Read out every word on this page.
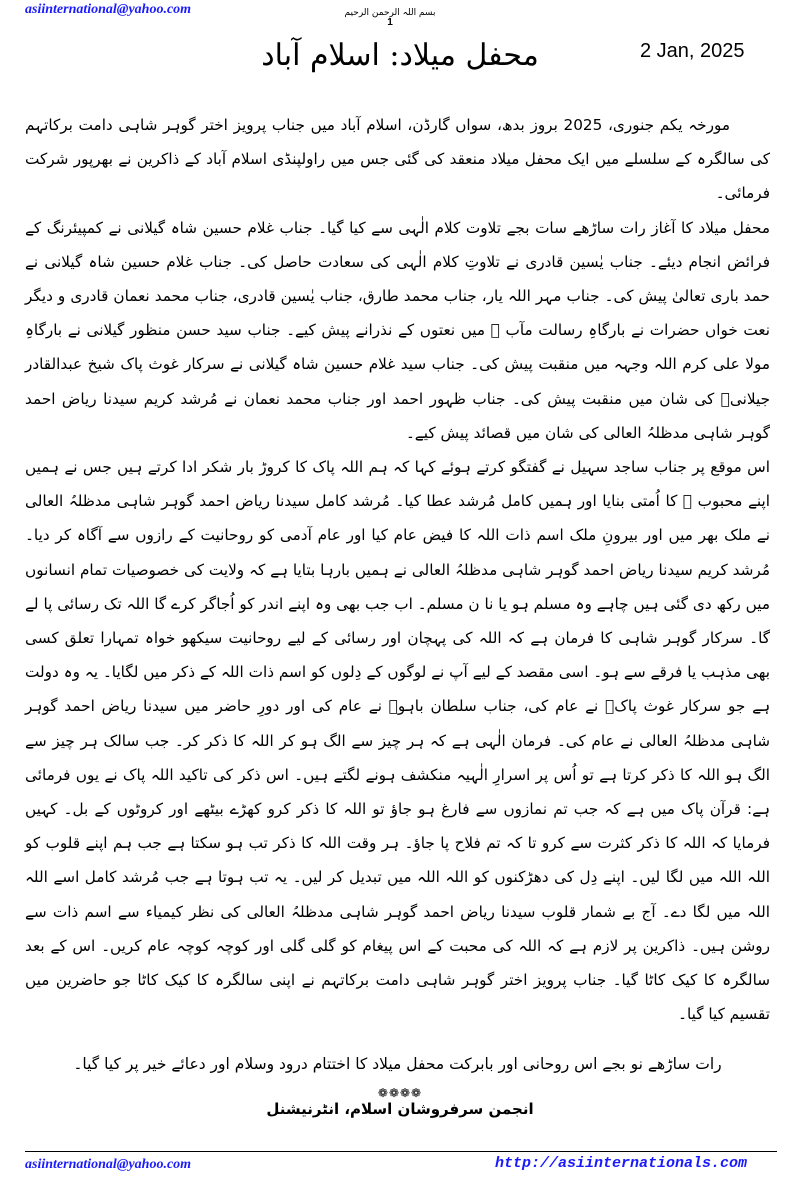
asiinternational@yahoo.com	بسم اللہ الرحمن الرحیم
1
محفل میلاد: اسلام آباد	2 Jan, 2025

مورخہ یکم جنوری، 2025 بروز بدھ، سواں گارڈن، اسلام آباد میں جناب پرویز اختر گوہر شاہی دامت برکاتہم کی سالگرہ کے سلسلے میں ایک محفل میلاد منعقد کی گئی جس میں راولپنڈی اسلام آباد کے ذاکرین نے بھرپور شرکت فرمائی۔

محفل میلاد کا آغاز رات ساڑھے سات بجے تلاوت کلام الٰہی سے کیا گیا۔ جناب غلام حسین شاہ گیلانی نے کمپیئرنگ کے فرائض انجام دیئے۔ جناب یٰسین قادری نے تلاوتِ کلام الٰہی کی سعادت حاصل کی۔ جناب غلام حسین شاہ گیلانی نے حمد باری تعالیٰ پیش کی۔ جناب مہر اللہ یار، جناب محمد طارق، جناب یٰسین قادری، جناب محمد نعمان قادری و دیگر نعت خواں حضرات نے بارگاہِ رسالت مآب ﷺ میں نعتوں کے نذرانے پیش کیے۔ جناب سید حسن منظور گیلانی نے بارگاہِ مولا علی کرم اللہ وجہہ میں منقبت پیش کی۔ جناب سید غلام حسین شاہ گیلانی نے سرکار غوث پاک شیخ عبدالقادر جیلانیؒ کی شان میں منقبت پیش کی۔ جناب ظہور احمد اور جناب محمد نعمان نے مُرشد کریم سیدنا ریاض احمد گوہر شاہی مدظلہُ العالی کی شان میں قصائد پیش کیے۔

اس موقع پر جناب ساجد سہیل نے گفتگو کرتے ہوئے کہا کہ ہم اللہ پاک کا کروڑ بار شکر ادا کرتے ہیں جس نے ہمیں اپنے محبوب ﷺ کا اُمتی بنایا اور ہمیں کامل مُرشد عطا کیا۔ مُرشد کامل سیدنا ریاض احمد گوہر شاہی مدظلہُ العالی نے ملک بھر میں اور بیرونِ ملک اسم ذات اللہ کا فیض عام کیا اور عام آدمی کو روحانیت کے رازوں سے آگاہ کر دیا۔ مُرشد کریم سیدنا ریاض احمد گوہر شاہی مدظلہُ العالی نے ہمیں بارہا بتایا ہے کہ ولایت کی خصوصیات تمام انسانوں میں رکھ دی گئی ہیں چاہے وہ مسلم ہو یا نا ن مسلم۔ اب جب بھی وہ اپنے اندر کو اُجاگر کرے گا اللہ تک رسائی پا لے گا۔ سرکار گوہر شاہی کا فرمان ہے کہ اللہ کی پہچان اور رسائی کے لیے روحانیت سیکھو خواہ تمہارا تعلق کسی بھی مذہب یا فرقے سے ہو۔ اسی مقصد کے لیے آپ نے لوگوں کے دِلوں کو اسم ذات اللہ کے ذکر میں لگایا۔ یہ وہ دولت ہے جو سرکار غوث پاکؒ نے عام کی، جناب سلطان باہوؒ نے عام کی اور دورِ حاضر میں سیدنا ریاض احمد گوہر شاہی مدظلہُ العالی نے عام کی۔ فرمان الٰہی ہے کہ ہر چیز سے الگ ہو کر اللہ کا ذکر کر۔ جب سالک ہر چیز سے الگ ہو اللہ کا ذکر کرتا ہے تو اُس پر اسرارِ الٰہیہ منکشف ہونے لگتے ہیں۔ اس ذکر کی تاکید اللہ پاک نے یوں فرمائی ہے: قرآن پاک میں ہے کہ جب تم نمازوں سے فارغ ہو جاؤ تو اللہ کا ذکر کرو کھڑے بیٹھے اور کروٹوں کے بل۔ کہیں فرمایا کہ اللہ کا ذکر کثرت سے کرو تا کہ تم فلاح پا جاؤ۔ ہر وقت اللہ کا ذکر تب ہو سکتا ہے جب ہم اپنے قلوب کو اللہ اللہ میں لگا لیں۔ اپنے دِل کی دھڑکنوں کو اللہ اللہ میں تبدیل کر لیں۔ یہ تب ہوتا ہے جب مُرشد کامل اسے اللہ اللہ میں لگا دے۔ آج بے شمار قلوب سیدنا ریاض احمد گوہر شاہی مدظلہُ العالی کی نظر کیمیاء سے اسم ذات سے روشن ہیں۔ ذاکرین پر لازم ہے کہ اللہ کی محبت کے اس پیغام کو گلی گلی اور کوچہ کوچہ عام کریں۔ اس کے بعد سالگرہ کا کیک کاٹا گیا۔ جناب پرویز اختر گوہر شاہی دامت برکاتہم نے اپنی سالگرہ کا کیک کاٹا جو حاضرین میں تقسیم کیا گیا۔

رات ساڑھے نو بجے اس روحانی اور بابرکت محفل میلاد کا اختتام درود وسلام اور دعائے خیر پر کیا گیا۔
❁❁❁❁
انجمن سرفروشان اسلام، انٹرنیشنل
asiinternational@yahoo.com	http://asiinternationals.com
